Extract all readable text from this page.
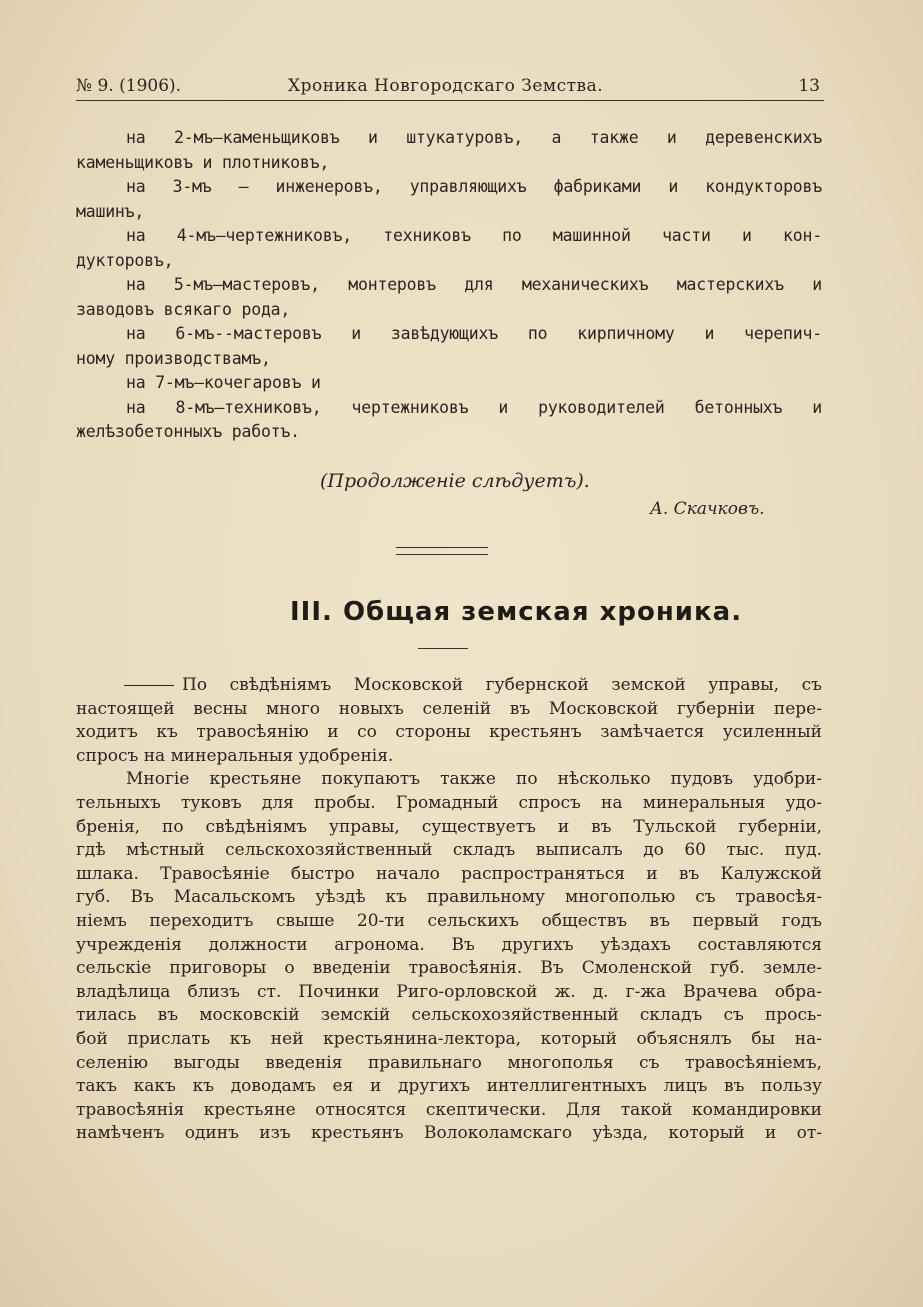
№ 9. (1906).	Хроника Новгородскаго Земства.	13
на 2-мъ—каменьщиковъ и штукатуровъ, а также и деревенскихъ
каменьщиковъ и плотниковъ,
на 3-мъ – инженеровъ, управляющихъ фабриками и кондукторовъ
машинъ,
на 4-мъ—чертежниковъ, техниковъ по машинной части и кон-
дукторовъ,
на 5-мъ—мастеровъ, монтеровъ для механическихъ мастерскихъ и
заводовъ всякаго рода,
на 6-мъ--мастеровъ и завѣдующихъ по кирпичному и черепич-
ному производствамъ,
на 7-мъ—кочегаровъ и
на 8-мъ—техниковъ, чертежниковъ и руководителей бетонныхъ и
желѣзобетонныхъ работъ.
(Продолженіе слѣдуетъ).
А. Скачковъ.
III. Общая земская хроника.
По свѣдѣніямъ Московской губернской земской управы, съ
настоящей весны много новыхъ селеній въ Московской губерніи пере-
ходитъ къ травосѣянію и со стороны крестьянъ замѣчается усиленный
спросъ на минеральныя удобренія.
Многіе крестьяне покупаютъ также по нѣсколько пудовъ удобри-
тельныхъ туковъ для пробы. Громадный спросъ на минеральныя удо-
бренія, по свѣдѣніямъ управы, существуетъ и въ Тульской губерніи,
гдѣ мѣстный сельскохозяйственный складъ выписалъ до 60 тыс. пуд.
шлака. Травосѣяніе быстро начало распространяться и въ Калужской
губ. Въ Масальскомъ уѣздѣ къ правильному многополью съ травосѣя-
ніемъ переходитъ свыше 20-ти сельскихъ обществъ въ первый годъ
учрежденія должности агронома. Въ другихъ уѣздахъ составляются
сельскіе приговоры о введеніи травосѣянія. Въ Смоленской губ. земле-
владѣлица близъ ст. Починки Риго-орловской ж. д. г-жа Врачева обра-
тилась въ московскій земскій сельскохозяйственный складъ съ прось-
бой прислать къ ней крестьянина-лектора, который объяснялъ бы на-
селенію выгоды введенія правильнаго многополья съ травосѣяніемъ,
такъ какъ къ доводамъ ея и другихъ интеллигентныхъ лицъ въ пользу
травосѣянія крестьяне относятся скептически. Для такой командировки
намѣченъ одинъ изъ крестьянъ Волоколамскаго уѣзда, который и от-
